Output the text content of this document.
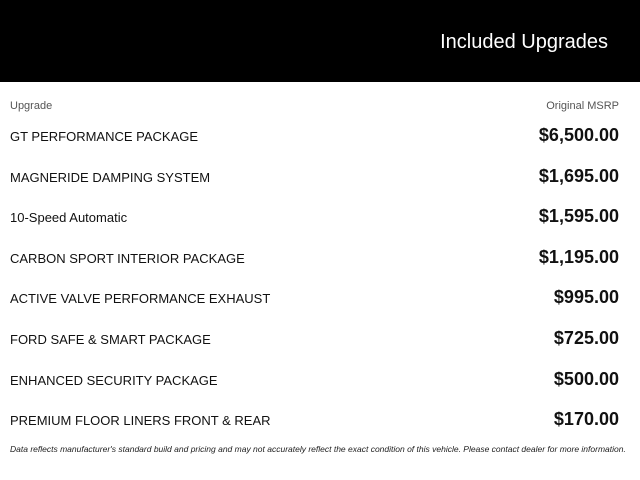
Included Upgrades
Upgrade	Original MSRP
GT PERFORMANCE PACKAGE	$6,500.00
MAGNERIDE DAMPING SYSTEM	$1,695.00
10-Speed Automatic	$1,595.00
CARBON SPORT INTERIOR PACKAGE	$1,195.00
ACTIVE VALVE PERFORMANCE EXHAUST	$995.00
FORD SAFE & SMART PACKAGE	$725.00
ENHANCED SECURITY PACKAGE	$500.00
PREMIUM FLOOR LINERS FRONT & REAR	$170.00
Data reflects manufacturer's standard build and pricing and may not accurately reflect the exact condition of this vehicle. Please contact dealer for more information.
